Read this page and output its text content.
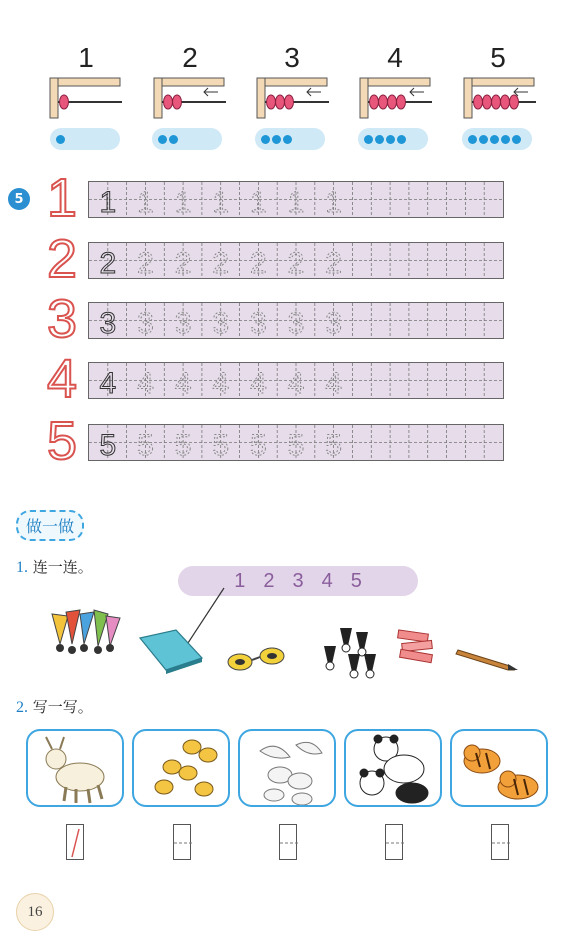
1	2	3	4	5
5 1 1 1 1 1 1 1 1
2 2 2 2 2 2 2 2
3 3 3 3 3 3 3 3
4 4 4 4 4 4 4 4
5 5 5 5 5 5 5 5
做一做
1. 连一连。
1 2 3 4 5
2. 写一写。
16
